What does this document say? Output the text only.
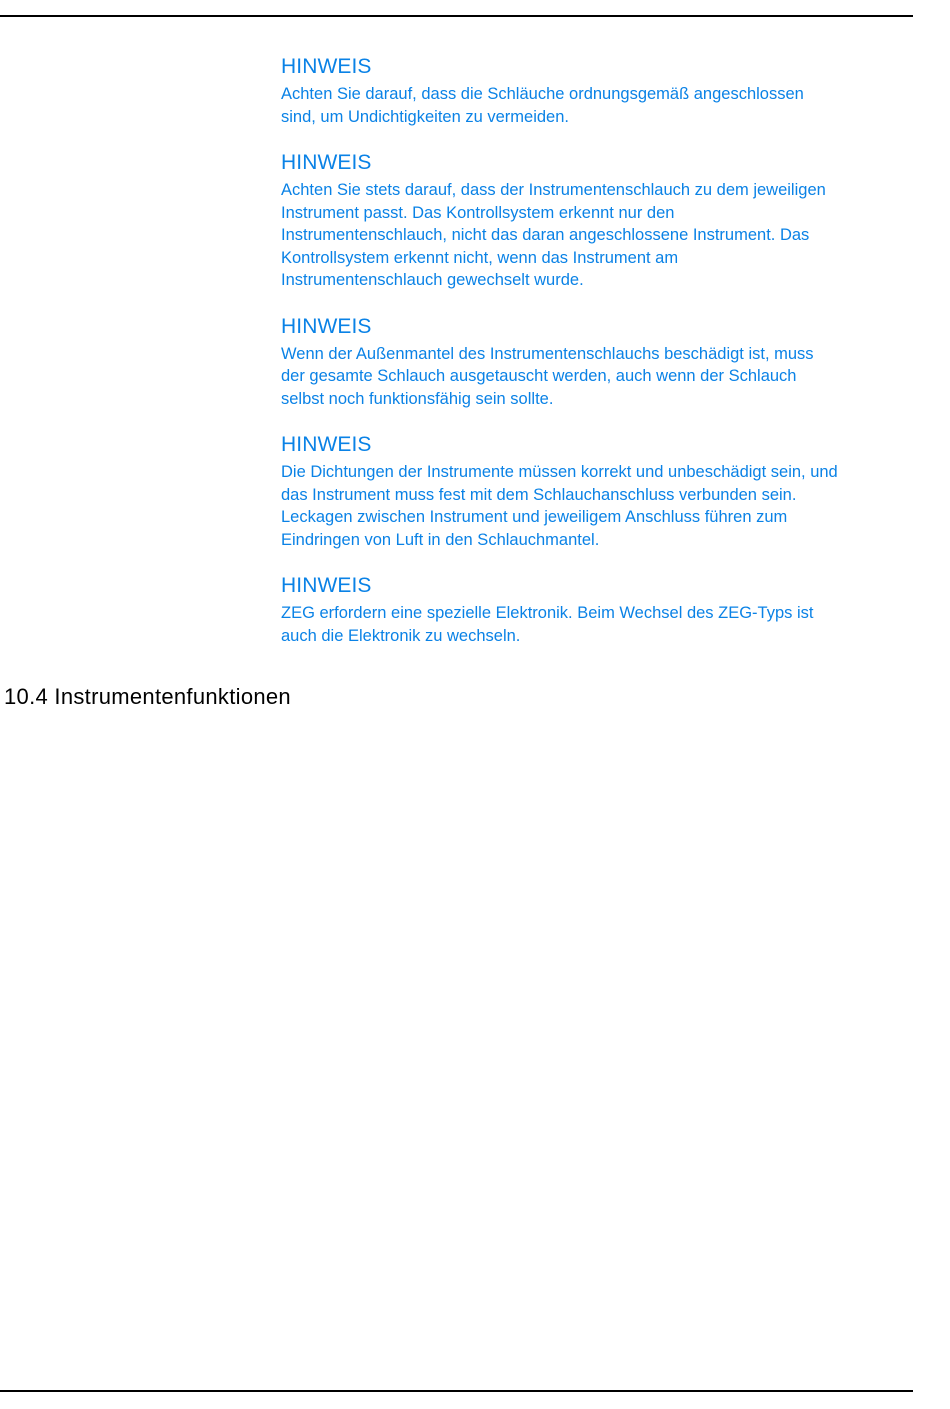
HINWEIS

Achten Sie darauf, dass die Schläuche ordnungsgemäß angeschlossen
sind, um Undichtigkeiten zu vermeiden.

HINWEIS

Achten Sie stets darauf, dass der Instrumentenschlauch zu dem jeweiligen
Instrument passt. Das Kontrollsystem erkennt nur den
Instrumentenschlauch, nicht das daran angeschlossene Instrument. Das
Kontrollsystem erkennt nicht, wenn das Instrument am
Instrumentenschlauch gewechselt wurde.

HINWEIS

Wenn der Außenmantel des Instrumentenschlauchs beschädigt ist, muss
der gesamte Schlauch ausgetauscht werden, auch wenn der Schlauch
selbst noch funktionsfähig sein sollte.

HINWEIS

Die Dichtungen der Instrumente müssen korrekt und unbeschädigt sein, und
das Instrument muss fest mit dem Schlauchanschluss verbunden sein.
Leckagen zwischen Instrument und jeweiligem Anschluss führen zum
Eindringen von Luft in den Schlauchmantel.

HINWEIS

ZEG erfordern eine spezielle Elektronik. Beim Wechsel des ZEG-Typs ist
auch die Elektronik zu wechseln.

10.4 Instrumentenfunktionen
